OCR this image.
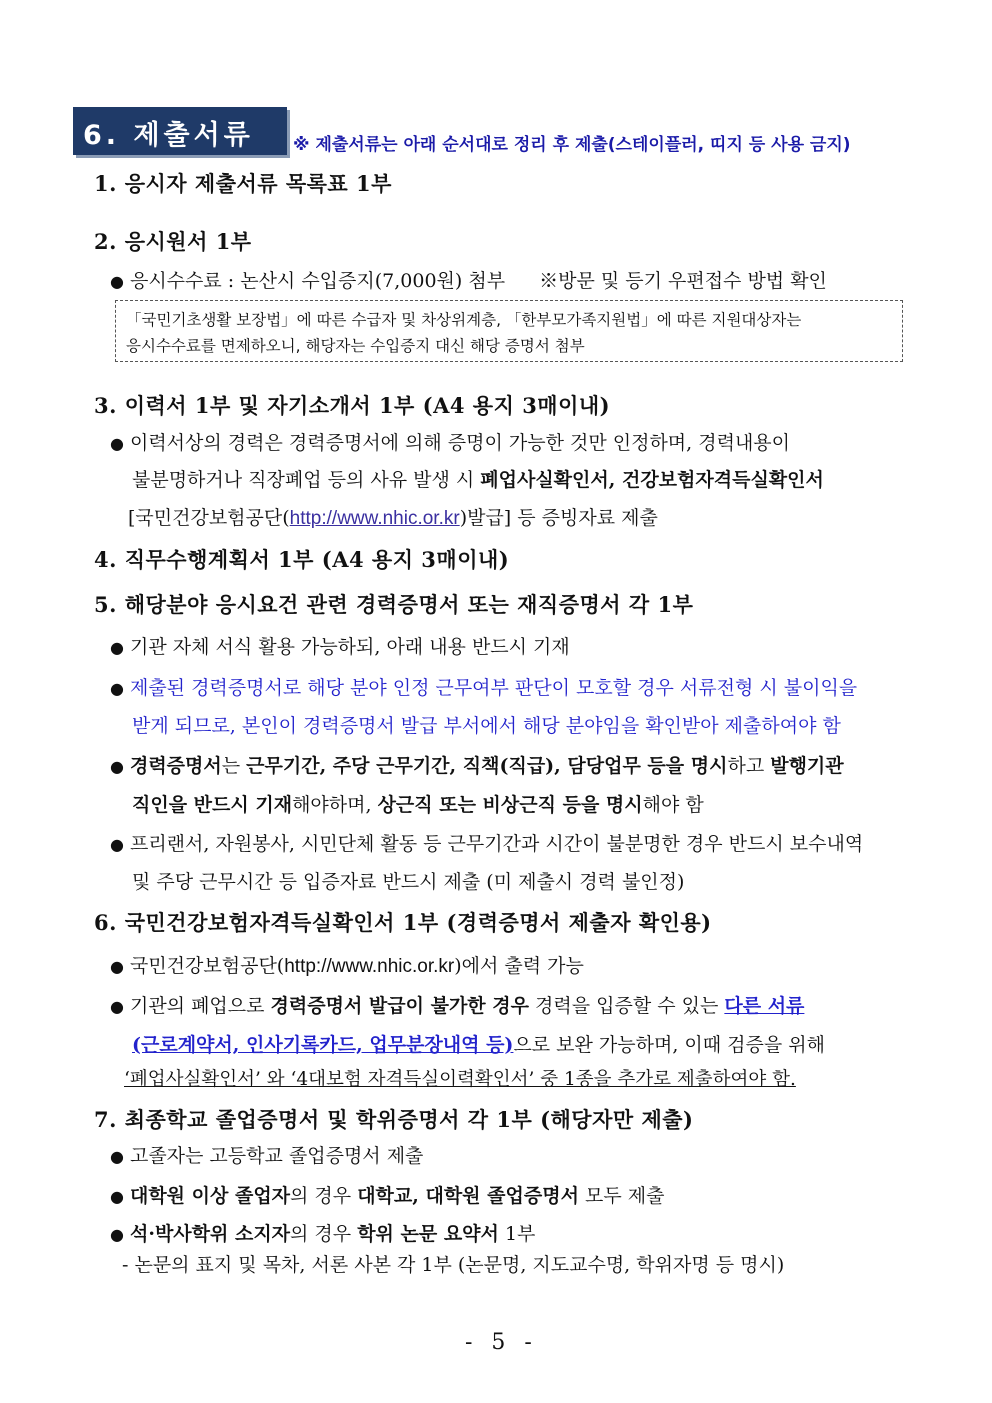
6. 제출서류 ※ 제출서류는 아래 순서대로 정리 후 제출(스테이플러, 띠지 등 사용 금지)
1. 응시자 제출서류 목록표 1부
2. 응시원서 1부
● 응시수수료 : 논산시 수입증지(7,000원) 첨부 ※방문 및 등기 우편접수 방법 확인
「국민기초생활 보장법」에 따른 수급자 및 차상위계층, 「한부모가족지원법」에 따른 지원대상자는
응시수수료를 면제하오니, 해당자는 수입증지 대신 해당 증명서 첨부
3. 이력서 1부 및 자기소개서 1부 (A4 용지 3매이내)
● 이력서상의 경력은 경력증명서에 의해 증명이 가능한 것만 인정하며, 경력내용이
불분명하거나 직장폐업 등의 사유 발생 시 폐업사실확인서, 건강보험자격득실확인서
[국민건강보험공단(http://www.nhic.or.kr)발급] 등 증빙자료 제출
4. 직무수행계획서 1부 (A4 용지 3매이내)
5. 해당분야 응시요건 관련 경력증명서 또는 재직증명서 각 1부
● 기관 자체 서식 활용 가능하되, 아래 내용 반드시 기재
● 제출된 경력증명서로 해당 분야 인정 근무여부 판단이 모호할 경우 서류전형 시 불이익을
받게 되므로, 본인이 경력증명서 발급 부서에서 해당 분야임을 확인받아 제출하여야 함
● 경력증명서는 근무기간, 주당 근무기간, 직책(직급), 담당업무 등을 명시하고 발행기관
직인을 반드시 기재해야하며, 상근직 또는 비상근직 등을 명시해야 함
● 프리랜서, 자원봉사, 시민단체 활동 등 근무기간과 시간이 불분명한 경우 반드시 보수내역
및 주당 근무시간 등 입증자료 반드시 제출 (미 제출시 경력 불인정)
6. 국민건강보험자격득실확인서 1부 (경력증명서 제출자 확인용)
● 국민건강보험공단(http://www.nhic.or.kr)에서 출력 가능
● 기관의 폐업으로 경력증명서 발급이 불가한 경우 경력을 입증할 수 있는 다른 서류
(근로계약서, 인사기록카드, 업무분장내역 등)으로 보완 가능하며, 이때 검증을 위해
‘폐업사실확인서’ 와 ‘4대보험 자격득실이력확인서’ 중 1종을 추가로 제출하여야 함.
7. 최종학교 졸업증명서 및 학위증명서 각 1부 (해당자만 제출)
● 고졸자는 고등학교 졸업증명서 제출
● 대학원 이상 졸업자의 경우 대학교, 대학원 졸업증명서 모두 제출
● 석·박사학위 소지자의 경우 학위 논문 요약서 1부
- 논문의 표지 및 목차, 서론 사본 각 1부 (논문명, 지도교수명, 학위자명 등 명시)
- 5 -
